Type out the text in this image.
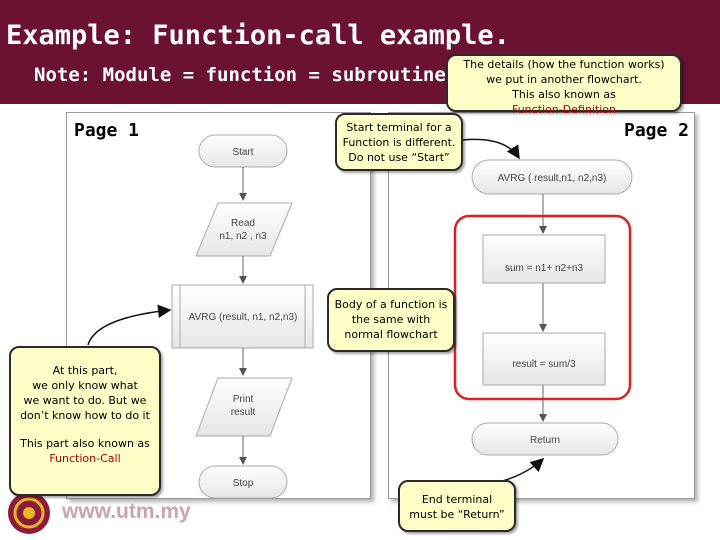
Example: Function-call example.
Note: Module = function = subroutine
Page 1	Page 2
Start
Read
n1, n2 , n3
AVRG (result, n1, n2,n3)
Print
result
Stop
AVRG ( result,n1, n2,n3)
sum = n1+ n2+n3
result = sum/3
Return
www.utm.my
The details (how the function works)
we put in another flowchart.
This also known as
Function-Definition
Start terminal for a
Function is different.
Do not use “Start”
Body of a function is
the same with
normal flowchart
At this part,
we only know what
we want to do. But we
don’t know how to do it
This part also known as
Function-Call
End terminal
must be “Return”
